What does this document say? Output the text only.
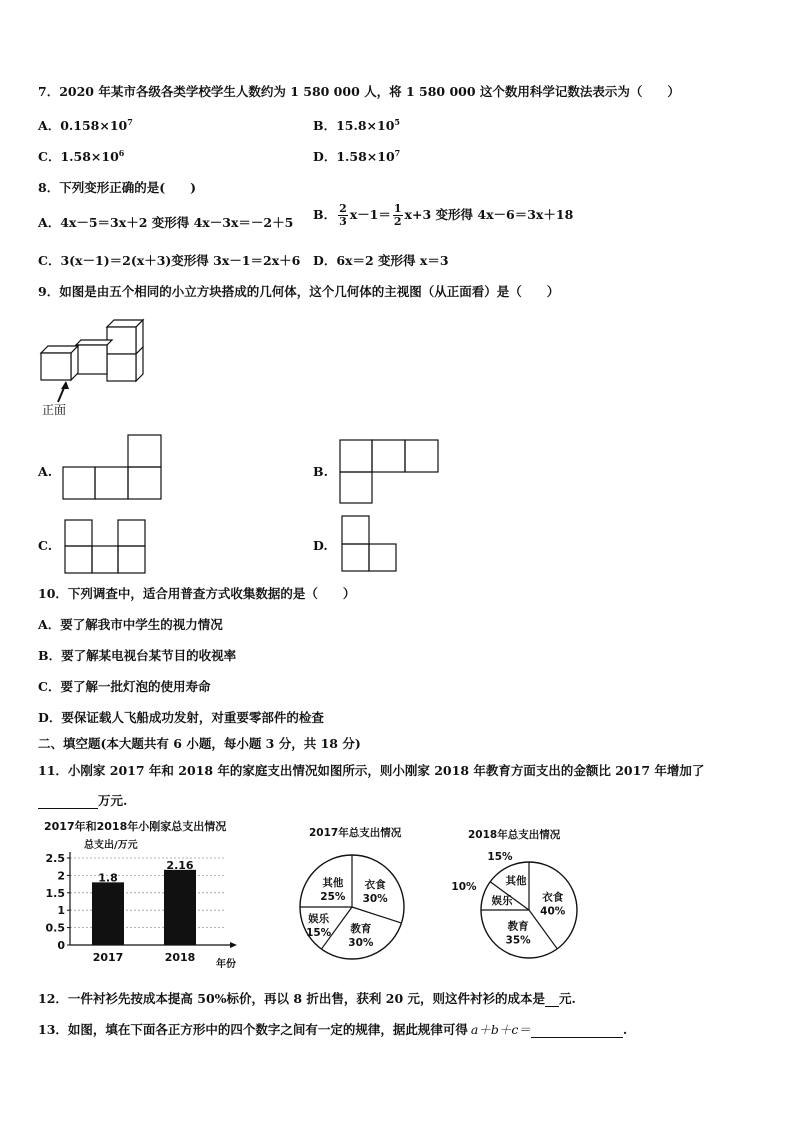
7．2020 年某市各级各类学校学生人数约为 1 580 000 人，将 1 580 000 这个数用科学记数法表示为（　　）
A．$0.158\times 10^7$	B．$15.8\times 10^5$
C．$1.58\times 10^6$	D．$1.58\times 10^7$
8．下列变形正确的是(　　)
A．4x－5＝3x＋2 变形得 4x－3x＝－2＋5
B． $\frac{2}{3} x-1= \frac{1}{2} x+3$ 变形得 4x－6＝3x＋18
C．3(x－1)＝2(x＋3)变形得 3x－1＝2x＋6 D．6x＝2 变形得 x＝3
9．如图是由五个相同的小立方块搭成的几何体，这个几何体的主视图（从正面看）是（　　）
正面
A.	B.
C.	D.
10．下列调查中，适合用普查方式收集数据的是（　　）
A．要了解我市中学生的视力情况
B．要了解某电视台某节目的收视率
C．要了解一批灯泡的使用寿命
D．要保证载人飞船成功发射，对重要零部件的检查
二、填空题(本大题共有 6 小题，每小题 3 分，共 18 分)
11．小刚家 2017 年和 2018 年的家庭支出情况如图所示，则小刚家 2018 年教育方面支出的金额比 2017 年增加了
万元.
2017年和2018年小刚家总支出情况
总支出/万元
0
0.5
1
1.5
2
2.5
1.8
2017
2.16
2018
年份
2017年总支出情况
衣食
30%
教育
30%
娱乐
15%
其他
25%
2018年总支出情况
衣食
40%
教育
35%
娱乐
10%	其他
15%
12．一件衬衫先按成本提高 50%标价，再以 8 折出售，获利 20 元，则这件衬衫的成本是 元.
13．如图，填在下面各正方形中的四个数字之间有一定的规律，据此规律可得 a＋b＋c＝	.
